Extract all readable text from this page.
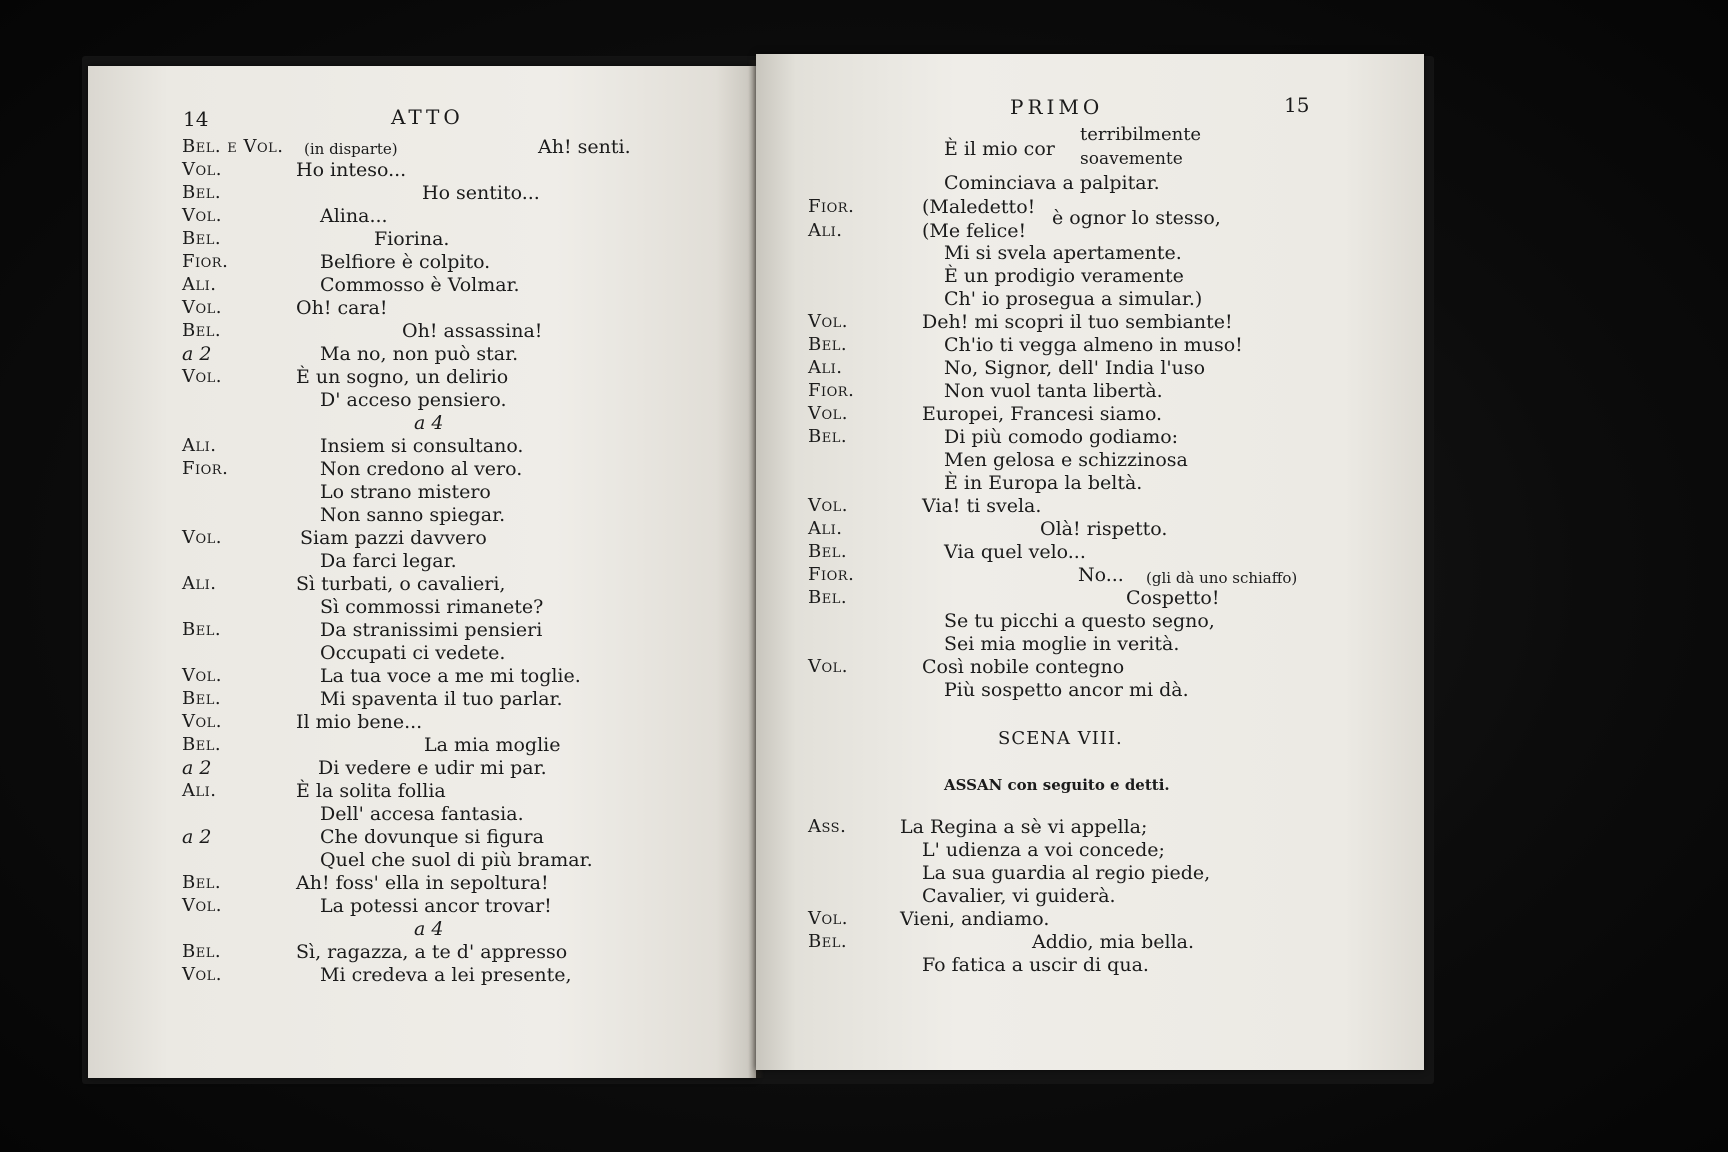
14	ATTO
Bel. e Vol. (in disparte)	Ah! senti.
Vol.	Ho inteso...
Bel.	Ho sentito...
Vol.	Alina...
Bel.	Fiorina.
Fior.	Belfiore è colpito.
Ali.	Commosso è Volmar.
Vol.	Oh! cara!
Bel.	Oh! assassina!
a 2	Ma no, non può star.
Vol.	È un sogno, un delirio
D' acceso pensiero.
a 4
Ali.	Insiem si consultano.
Fior.	Non credono al vero.
Lo strano mistero
Non sanno spiegar.
Vol.	Siam pazzi davvero
Da farci legar.
Ali.	Sì turbati, o cavalieri,
Sì commossi rimanete?
Bel.	Da stranissimi pensieri
Occupati ci vedete.
Vol.	La tua voce a me mi toglie.
Bel.	Mi spaventa il tuo parlar.
Vol.	Il mio bene...
Bel.	La mia moglie
a 2	Di vedere e udir mi par.
Ali.	È la solita follia
Dell' accesa fantasia.
a 2	Che dovunque si figura
Quel che suol di più bramar.
Bel.	Ah! foss' ella in sepoltura!
Vol.	La potessi ancor trovar!
a 4
Bel.	Sì, ragazza, a te d' appresso
Vol.	Mi credeva a lei presente,
PRIMO	15
È il mio cor
terribilmente
soavemente
Cominciava a palpitar.
Fior.	(Maledetto! è ognor lo stesso,
Ali.	(Me felice!
Mi si svela apertamente.
È un prodigio veramente
Ch' io prosegua a simular.)
Vol.	Deh! mi scopri il tuo sembiante!
Bel.	Ch'io ti vegga almeno in muso!
Ali.	No, Signor, dell' India l'uso
Fior.	Non vuol tanta libertà.
Vol.	Europei, Francesi siamo.
Bel.	Di più comodo godiamo:
Men gelosa e schizzinosa
È in Europa la beltà.
Vol.	Via! ti svela.
Ali.	Olà! rispetto.
Bel.	Via quel velo...
Fior.	No... (gli dà uno schiaffo)
Bel.	Cospetto!
Se tu picchi a questo segno,
Sei mia moglie in verità.
Vol.	Così nobile contegno
Più sospetto ancor mi dà.
SCENA VIII.
ASSAN con seguito e detti.
Ass.	La Regina a sè vi appella;
L' udienza a voi concede;
La sua guardia al regio piede,
Cavalier, vi guiderà.
Vol.	Vieni, andiamo.
Bel.	Addio, mia bella.
Fo fatica a uscir di qua.
